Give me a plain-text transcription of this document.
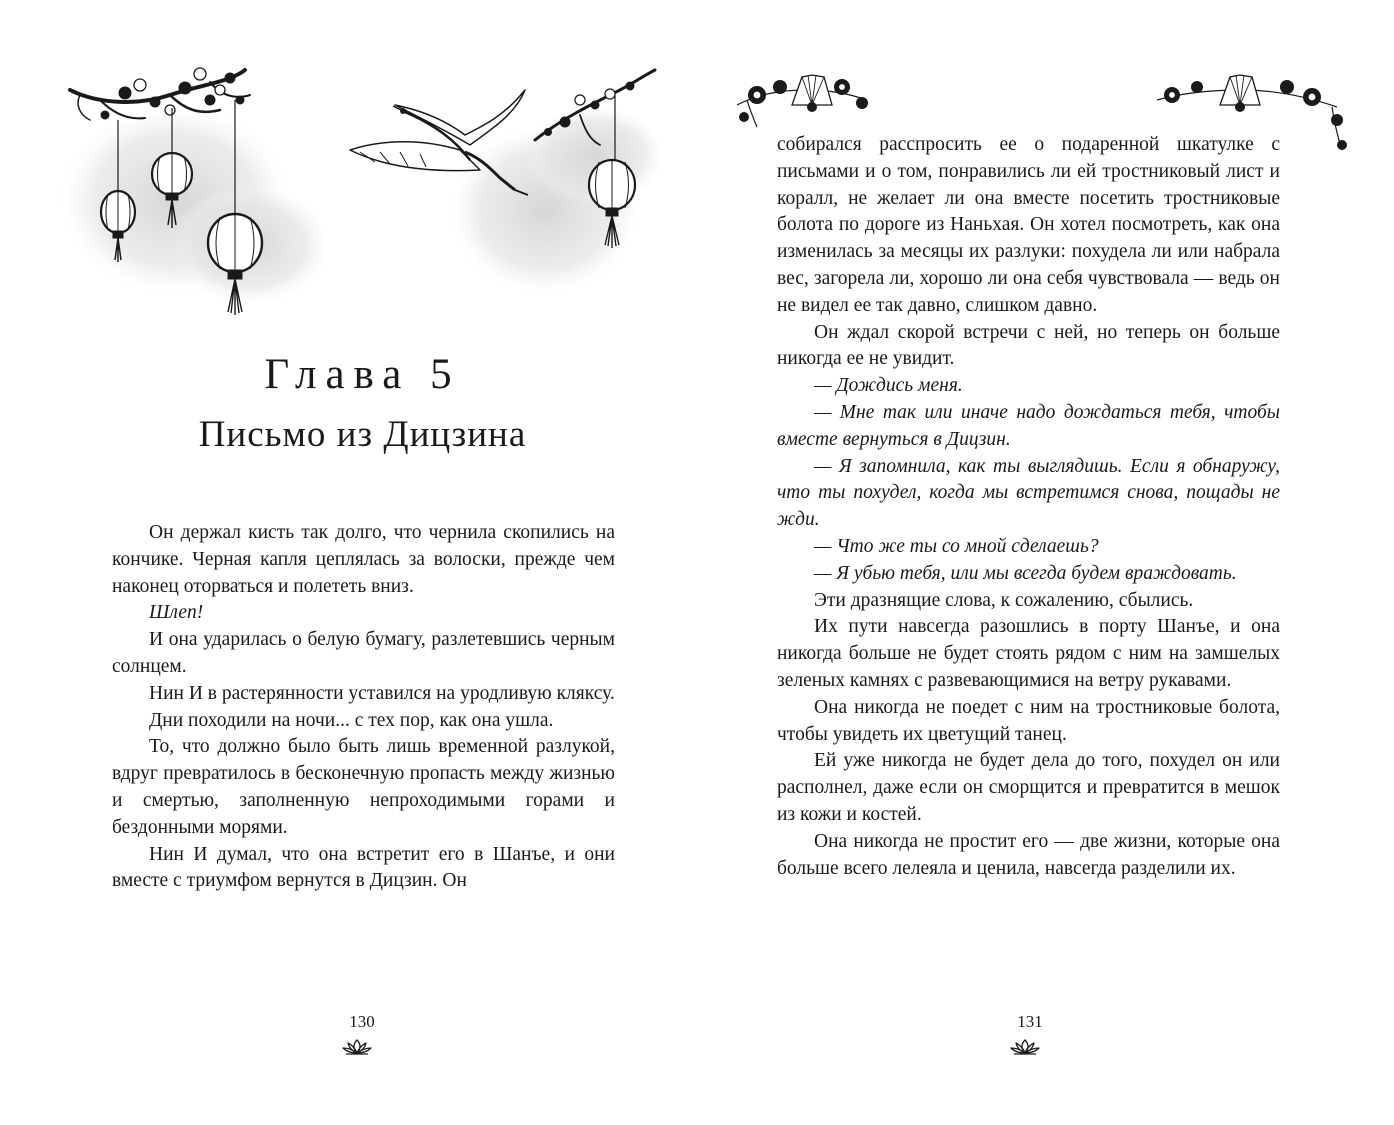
Глава 5
Письмо из Дицзина

Он держал кисть так долго, что чернила скопились на кончике. Черная капля цеплялась за волоски, прежде чем наконец оторваться и полететь вниз.

Шлеп!

И она ударилась о белую бумагу, разлетевшись черным солнцем.

Нин И в растерянности уставился на уродливую кляксу.

Дни походили на ночи... с тех пор, как она ушла.

То, что должно было быть лишь временной разлукой, вдруг превратилось в бесконечную пропасть между жизнью и смертью, заполненную непроходимыми горами и бездонными морями.

Нин И думал, что она встретит его в Шанъе, и они вместе с триумфом вернутся в Дицзин. Он

130

собирался расспросить ее о подаренной шкатулке с письмами и о том, понравились ли ей тростниковый лист и коралл, не желает ли она вместе посетить тростниковые болота по дороге из Наньхая. Он хотел посмотреть, как она изменилась за месяцы их разлуки: похудела ли или набрала вес, загорела ли, хорошо ли она себя чувствовала — ведь он не видел ее так давно, слишком давно.

Он ждал скорой встречи с ней, но теперь он больше никогда ее не увидит.

— Дождись меня.

— Мне так или иначе надо дождаться тебя, чтобы вместе вернуться в Дицзин.

— Я запомнила, как ты выглядишь. Если я обнаружу, что ты похудел, когда мы встретимся снова, пощады не жди.

— Что же ты со мной сделаешь?

— Я убью тебя, или мы всегда будем враждовать.

Эти дразнящие слова, к сожалению, сбылись.

Их пути навсегда разошлись в порту Шанъе, и она никогда больше не будет стоять рядом с ним на замшелых зеленых камнях с развевающимися на ветру рукавами.

Она никогда не поедет с ним на тростниковые болота, чтобы увидеть их цветущий танец.

Ей уже никогда не будет дела до того, похудел он или располнел, даже если он сморщится и превратится в мешок из кожи и костей.

Она никогда не простит его — две жизни, которые она больше всего лелеяла и ценила, навсегда разделили их.

131
